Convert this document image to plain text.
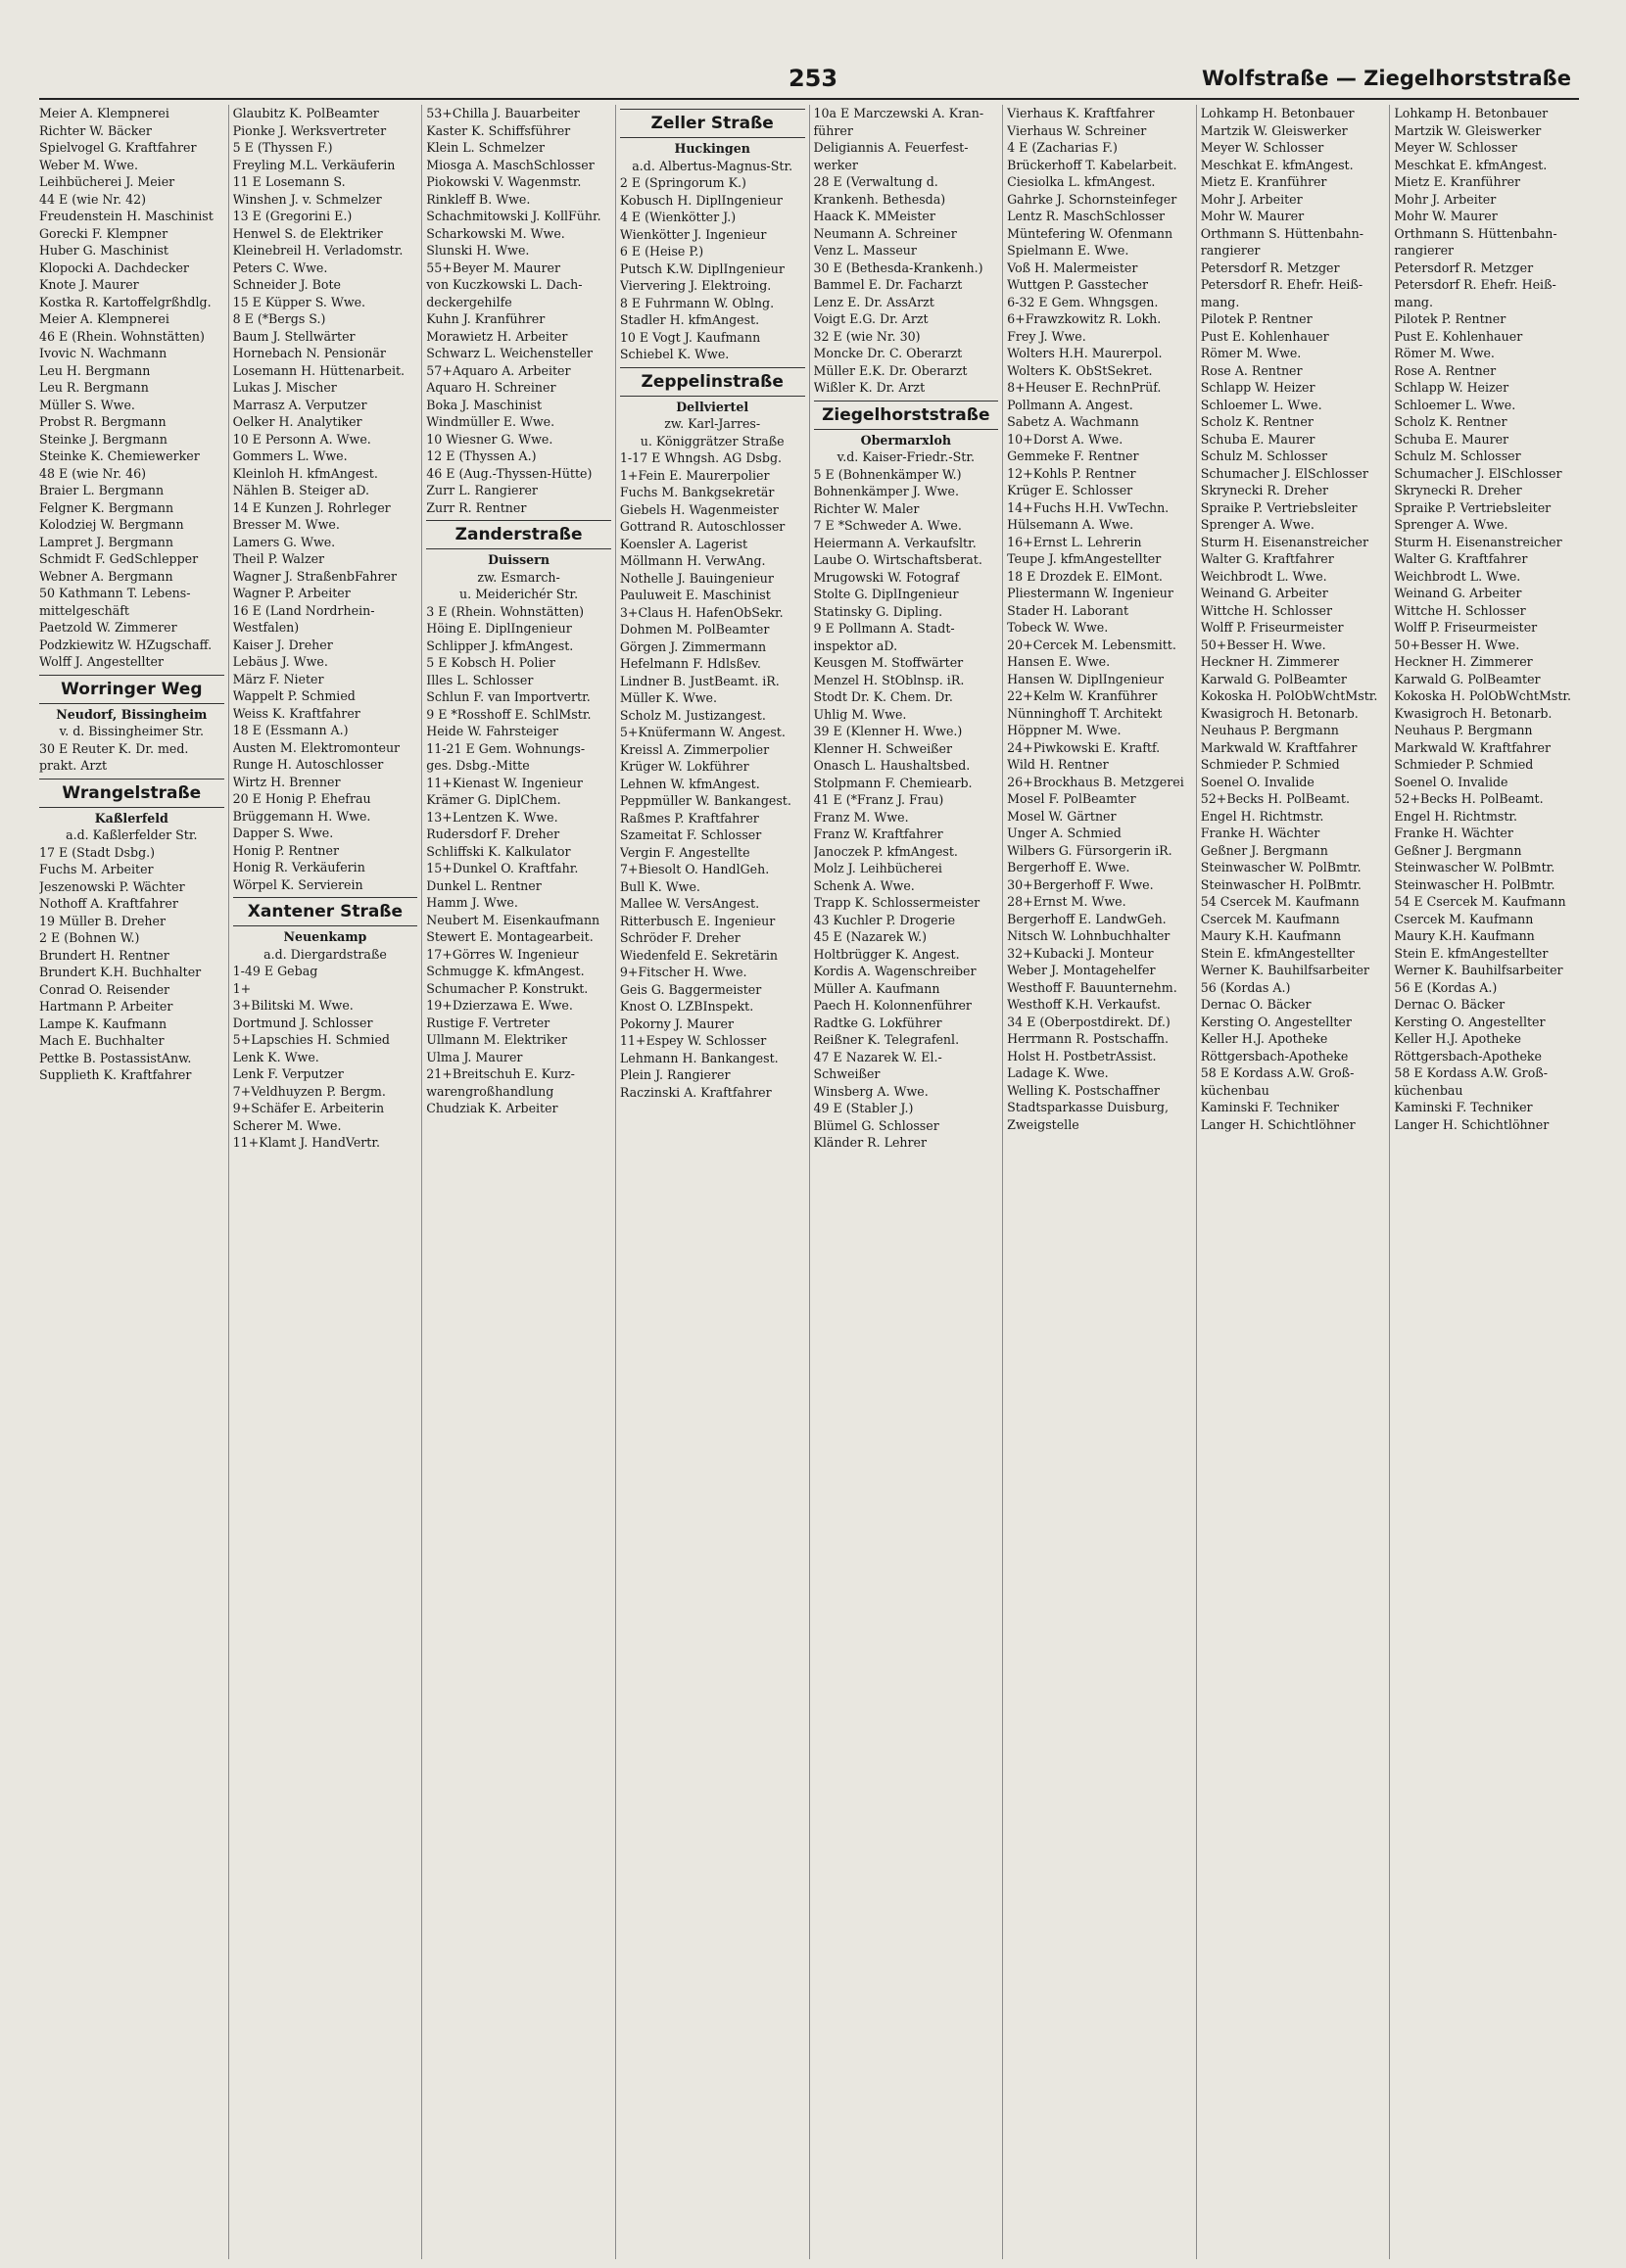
253	Wolfstraße — Ziegelhorststraße
Meier A. Klempnerei
Richter W. Bäcker
Spielvogel G. Kraftfahrer
Weber M. Wwe.
Leihbücherei J. Meier
44 E (wie Nr. 42)
Freudenstein H. Maschinist
Gorecki F. Klempner
Huber G. Maschinist
Klopocki A. Dachdecker
Knote J. Maurer
Kostka R. Kartoffelgrßhdlg.
Meier A. Klempnerei
46 E (Rhein. Wohnstätten)
Ivovic N. Wachmann
Leu H. Bergmann
Leu R. Bergmann
Müller S. Wwe.
Probst R. Bergmann
Steinke J. Bergmann
Steinke K. Chemiewerker
48 E (wie Nr. 46)
Braier L. Bergmann
Felgner K. Bergmann
Kolodziej W. Bergmann
Lampret J. Bergmann
Schmidt F. GedSchlepper
Webner A. Bergmann
50 Kathmann T. Lebens-
mittelgeschäft
Paetzold W. Zimmerer
Podzkiewitz W. HZugschaff.
Wolff J. Angestellter
Worringer Weg
Neudorf, Bissingheim
v. d. Bissingheimer Str.
30 E Reuter K. Dr. med.
prakt. Arzt
Wrangelstraße
Kaßlerfeld
a.d. Kaßlerfelder Str.
17 E (Stadt Dsbg.)
Fuchs M. Arbeiter
Jeszenowski P. Wächter
Nothoff A. Kraftfahrer
19 Müller B. Dreher
2 E (Bohnen W.)
Brundert H. Rentner
Brundert K.H. Buchhalter
Conrad O. Reisender
Hartmann P. Arbeiter
Lampe K. Kaufmann
Mach E. Buchhalter
Pettke B. PostassistAnw.
Supplieth K. Kraftfahrer
Glaubitz K. PolBeamter
Pionke J. Werksvertreter
5 E (Thyssen F.)
Freyling M.L. Verkäuferin
11 E Losemann S.
Winshen J. v. Schmelzer
13 E (Gregorini E.)
Henwel S. de Elektriker
Kleinebreil H. Verladomstr.
Peters C. Wwe.
Schneider J. Bote
15 E Küpper S. Wwe.
8 E (*Bergs S.)
Baum J. Stellwärter
Hornebach N. Pensionär
Losemann H. Hüttenarbeit.
Lukas J. Mischer
Marrasz A. Verputzer
Oelker H. Analytiker
10 E Personn A. Wwe.
Gommers L. Wwe.
Kleinloh H. kfmAngest.
Nählen B. Steiger aD.
14 E Kunzen J. Rohrleger
Bresser M. Wwe.
Lamers G. Wwe.
Theil P. Walzer
Wagner J. StraßenbFahrer
Wagner P. Arbeiter
16 E (Land Nordrhein-
Westfalen)
Kaiser J. Dreher
Lebäus J. Wwe.
März F. Nieter
Wappelt P. Schmied
Weiss K. Kraftfahrer
18 E (Essmann A.)
Austen M. Elektromonteur
Runge H. Autoschlosser
Wirtz H. Brenner
20 E Honig P. Ehefrau
Brüggemann H. Wwe.
Dapper S. Wwe.
Honig P. Rentner
Honig R. Verkäuferin
Wörpel K. Servierein
Xantener Straße
Neuenkamp
a.d. Diergardstraße
1-49 E Gebag
1+
3+Bilitski M. Wwe.
Dortmund J. Schlosser
5+Lapschies H. Schmied
Lenk K. Wwe.
Lenk F. Verputzer
7+Veldhuyzen P. Bergm.
9+Schäfer E. Arbeiterin
Scherer M. Wwe.
11+Klamt J. HandVertr.
53+Chilla J. Bauarbeiter
Kaster K. Schiffsführer
Klein L. Schmelzer
Miosga A. MaschSchlosser
Piokowski V. Wagenmstr.
Rinkleff B. Wwe.
Schachmitowski J. KollFühr.
Scharkowski M. Wwe.
Slunski H. Wwe.
55+Beyer M. Maurer
von Kuczkowski L. Dach-
deckergehilfe
Kuhn J. Kranführer
Morawietz H. Arbeiter
Schwarz L. Weichensteller
57+Aquaro A. Arbeiter
Aquaro H. Schreiner
Boka J. Maschinist
Windmüller E. Wwe.
10 Wiesner G. Wwe.
12 E (Thyssen A.)
46 E (Aug.-Thyssen-Hütte)
Zurr L. Rangierer
Zurr R. Rentner
Zanderstraße
Duissern
zw. Esmarch-
u. Meiderichér Str.
3 E (Rhein. Wohnstätten)
Höing E. DiplIngenieur
Schlipper J. kfmAngest.
5 E Kobsch H. Polier
Illes L. Schlosser
Schlun F. van Importvertr.
9 E *Rosshoff E. SchlMstr.
Heide W. Fahrsteiger
11-21 E Gem. Wohnungs-
ges. Dsbg.-Mitte
11+Kienast W. Ingenieur
Krämer G. DiplChem.
13+Lentzen K. Wwe.
Rudersdorf F. Dreher
Schliffski K. Kalkulator
15+Dunkel O. Kraftfahr.
Dunkel L. Rentner
Hamm J. Wwe.
Neubert M. Eisenkaufmann
Stewert E. Montagearbeit.
17+Görres W. Ingenieur
Schmugge K. kfmAngest.
Schumacher P. Konstrukt.
19+Dzierzawa E. Wwe.
Rustige F. Vertreter
Ullmann M. Elektriker
Ulma J. Maurer
21+Breitschuh E. Kurz-
warengroßhandlung
Chudziak K. Arbeiter
Zeller Straße
Huckingen
a.d. Albertus-Magnus-Str.
2 E (Springorum K.)
Kobusch H. DiplIngenieur
4 E (Wienkötter J.)
Wienkötter J. Ingenieur
6 E (Heise P.)
Putsch K.W. DiplIngenieur
Viervering J. Elektroing.
8 E Fuhrmann W. Oblng.
Stadler H. kfmAngest.
10 E Vogt J. Kaufmann
Schiebel K. Wwe.
Zeppelinstraße
Dellviertel
zw. Karl-Jarres-
u. Königgrätzer Straße
1-17 E Whngsh. AG Dsbg.
1+Fein E. Maurerpolier
Fuchs M. Bankgsekretär
Giebels H. Wagenmeister
Gottrand R. Autoschlosser
Koensler A. Lagerist
Möllmann H. VerwAng.
Nothelle J. Bauingenieur
Pauluweit E. Maschinist
3+Claus H. HafenObSekr.
Dohmen M. PolBeamter
Görgen J. Zimmermann
Hefelmann F. Hdlsßev.
Lindner B. JustBeamt. iR.
Müller K. Wwe.
Scholz M. Justizangest.
5+Knüfermann W. Angest.
Kreissl A. Zimmerpolier
Krüger W. Lokführer
Lehnen W. kfmAngest.
Peppmüller W. Bankangest.
Raßmes P. Kraftfahrer
Szameitat F. Schlosser
Vergin F. Angestellte
7+Biesolt O. HandlGeh.
Bull K. Wwe.
Mallee W. VersAngest.
Ritterbusch E. Ingenieur
Schröder F. Dreher
Wiedenfeld E. Sekretärin
9+Fitscher H. Wwe.
Geis G. Baggermeister
Knost O. LZBInspekt.
Pokorny J. Maurer
11+Espey W. Schlosser
Lehmann H. Bankangest.
Plein J. Rangierer
Raczinski A. Kraftfahrer
10a E Marczewski A. Kran-
führer
Deligiannis A. Feuerfest-
werker
28 E (Verwaltung d.
Krankenh. Bethesda)
Haack K. MMeister
Neumann A. Schreiner
Venz L. Masseur
30 E (Bethesda-Krankenh.)
Bammel E. Dr. Facharzt
Lenz E. Dr. AssArzt
Voigt E.G. Dr. Arzt
32 E (wie Nr. 30)
Moncke Dr. C. Oberarzt
Müller E.K. Dr. Oberarzt
Wißler K. Dr. Arzt
Ziegelhorststraße
Obermarxloh
v.d. Kaiser-Friedr.-Str.
5 E (Bohnenkämper W.)
Bohnenkämper J. Wwe.
Richter W. Maler
7 E *Schweder A. Wwe.
Heiermann A. Verkaufsltr.
Laube O. Wirtschaftsberat.
Mrugowski W. Fotograf
Stolte G. DiplIngenieur
Statinsky G. Dipling.
9 E Pollmann A. Stadt-
inspektor aD.
Keusgen M. Stoffwärter
Menzel H. StOblnsp. iR.
Stodt Dr. K. Chem. Dr.
Uhlig M. Wwe.
39 E (Klenner H. Wwe.)
Klenner H. Schweißer
Onasch L. Haushaltsbed.
Stolpmann F. Chemiearb.
41 E (*Franz J. Frau)
Franz M. Wwe.
Franz W. Kraftfahrer
Janoczek P. kfmAngest.
Molz J. Leihbücherei
Schenk A. Wwe.
Trapp K. Schlossermeister
43 Kuchler P. Drogerie
45 E (Nazarek W.)
Holtbrügger K. Angest.
Kordis A. Wagenschreiber
Müller A. Kaufmann
Paech H. Kolonnenführer
Radtke G. Lokführer
Reißner K. Telegrafenl.
47 E Nazarek W. El.-
Schweißer
Winsberg A. Wwe.
49 E (Stabler J.)
Blümel G. Schlosser
Kländer R. Lehrer
Vierhaus K. Kraftfahrer
Vierhaus W. Schreiner
4 E (Zacharias F.)
Brückerhoff T. Kabelarbeit.
Ciesiolka L. kfmAngest.
Gahrke J. Schornsteinfeger
Lentz R. MaschSchlosser
Müntefering W. Ofenmann
Spielmann E. Wwe.
Voß H. Malermeister
Wuttgen P. Gasstecher
6-32 E Gem. Whngsgen.
6+Frawzkowitz R. Lokh.
Frey J. Wwe.
Wolters H.H. Maurerpol.
Wolters K. ObStSekret.
8+Heuser E. RechnPrüf.
Pollmann A. Angest.
Sabetz A. Wachmann
10+Dorst A. Wwe.
Gemmeke F. Rentner
12+Kohls P. Rentner
Krüger E. Schlosser
14+Fuchs H.H. VwTechn.
Hülsemann A. Wwe.
16+Ernst L. Lehrerin
Teupe J. kfmAngestellter
18 E Drozdek E. ElMont.
Pliestermann W. Ingenieur
Stader H. Laborant
Tobeck W. Wwe.
20+Cercek M. Lebensmitt.
Hansen E. Wwe.
Hansen W. DiplIngenieur
22+Kelm W. Kranführer
Nünninghoff T. Architekt
Höppner M. Wwe.
24+Piwkowski E. Kraftf.
Wild H. Rentner
26+Brockhaus B. Metzgerei
Mosel F. PolBeamter
Mosel W. Gärtner
Unger A. Schmied
Wilbers G. Fürsorgerin iR.
Bergerhoff E. Wwe.
30+Bergerhoff F. Wwe.
28+Ernst M. Wwe.
Bergerhoff E. LandwGeh.
Nitsch W. Lohnbuchhalter
32+Kubacki J. Monteur
Weber J. Montagehelfer
Westhoff F. Bauunternehm.
Westhoff K.H. Verkaufst.
34 E (Oberpostdirekt. Df.)
Herrmann R. Postschaffn.
Holst H. PostbetrAssist.
Ladage K. Wwe.
Welling K. Postschaffner
Stadtsparkasse Duisburg,
Zweigstelle
Lohkamp H. Betonbauer
Martzik W. Gleiswerker
Meyer W. Schlosser
Meschkat E. kfmAngest.
Mietz E. Kranführer
Mohr J. Arbeiter
Mohr W. Maurer
Orthmann S. Hüttenbahn-
rangierer
Petersdorf R. Metzger
Petersdorf R. Ehefr. Heiß-
mang.
Pilotek P. Rentner
Pust E. Kohlenhauer
Römer M. Wwe.
Rose A. Rentner
Schlapp W. Heizer
Schloemer L. Wwe.
Scholz K. Rentner
Schuba E. Maurer
Schulz M. Schlosser
Schumacher J. ElSchlosser
Skrynecki R. Dreher
Spraike P. Vertriebsleiter
Sprenger A. Wwe.
Sturm H. Eisenanstreicher
Walter G. Kraftfahrer
Weichbrodt L. Wwe.
Weinand G. Arbeiter
Wittche H. Schlosser
Wolff P. Friseurmeister
50+Besser H. Wwe.
Heckner H. Zimmerer
Karwald G. PolBeamter
Kokoska H. PolObWchtMstr.
Kwasigroch H. Betonarb.
Neuhaus P. Bergmann
Markwald W. Kraftfahrer
Schmieder P. Schmied
Soenel O. Invalide
52+Becks H. PolBeamt.
Engel H. Richtmstr.
Franke H. Wächter
Geßner J. Bergmann
Steinwascher W. PolBmtr.
Steinwascher H. PolBmtr.
54 Csercek M. Kaufmann
Csercek M. Kaufmann
Maury K.H. Kaufmann
Stein E. kfmAngestellter
Werner K. Bauhilfsarbeiter
56 (Kordas A.)
Dernac O. Bäcker
Kersting O. Angestellter
Keller H.J. Apotheke
Röttgersbach-Apotheke
58 E Kordass A.W. Groß-
küchenbau
Kaminski F. Techniker
Langer H. Schichtlöhner
Lohkamp H. Betonbauer
Martzik W. Gleiswerker
Meyer W. Schlosser
Meschkat E. kfmAngest.
Mietz E. Kranführer
Mohr J. Arbeiter
Mohr W. Maurer
Orthmann S. Hüttenbahn-
rangierer
Petersdorf R. Metzger
Petersdorf R. Ehefr. Heiß-
mang.
Pilotek P. Rentner
Pust E. Kohlenhauer
Römer M. Wwe.
Rose A. Rentner
Schlapp W. Heizer
Schloemer L. Wwe.
Scholz K. Rentner
Schuba E. Maurer
Schulz M. Schlosser
Schumacher J. ElSchlosser
Skrynecki R. Dreher
Spraike P. Vertriebsleiter
Sprenger A. Wwe.
Sturm H. Eisenanstreicher
Walter G. Kraftfahrer
Weichbrodt L. Wwe.
Weinand G. Arbeiter
Wittche H. Schlosser
Wolff P. Friseurmeister
50+Besser H. Wwe.
Heckner H. Zimmerer
Karwald G. PolBeamter
Kokoska H. PolObWchtMstr.
Kwasigroch H. Betonarb.
Neuhaus P. Bergmann
Markwald W. Kraftfahrer
Schmieder P. Schmied
Soenel O. Invalide
52+Becks H. PolBeamt.
Engel H. Richtmstr.
Franke H. Wächter
Geßner J. Bergmann
Steinwascher W. PolBmtr.
Steinwascher H. PolBmtr.
54 E Csercek M. Kaufmann
Csercek M. Kaufmann
Maury K.H. Kaufmann
Stein E. kfmAngestellter
Werner K. Bauhilfsarbeiter
56 E (Kordas A.)
Dernac O. Bäcker
Kersting O. Angestellter
Keller H.J. Apotheke
Röttgersbach-Apotheke
58 E Kordass A.W. Groß-
küchenbau
Kaminski F. Techniker
Langer H. Schichtlöhner
